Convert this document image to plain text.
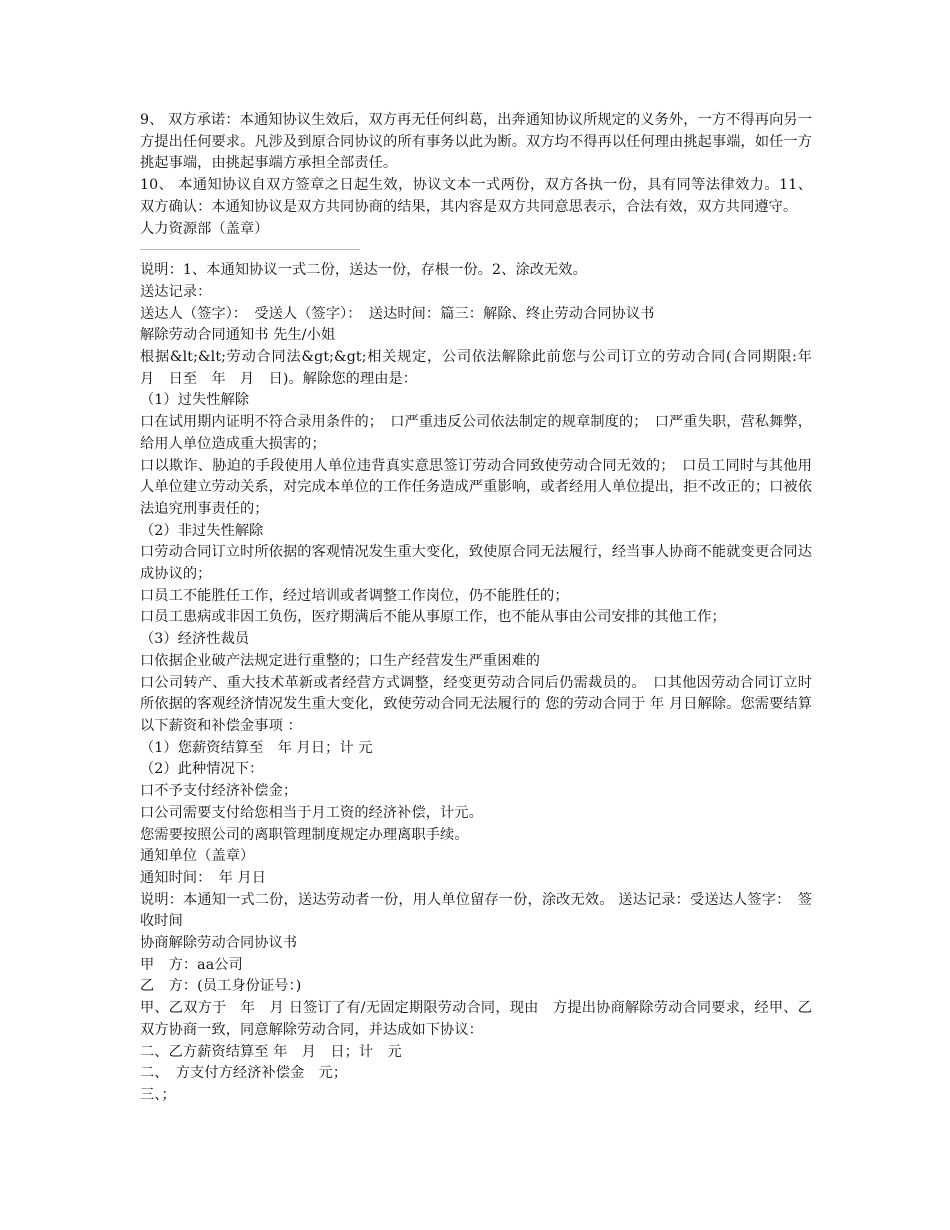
9、 双方承诺：本通知协议生效后，双方再无任何纠葛，出奔通知协议所规定的义务外，一方不得再向另一方提出任何要求。凡涉及到原合同协议的所有事务以此为断。双方均不得再以任何理由挑起事端，如任一方挑起事端，由挑起事端方承担全部责任。

10、 本通知协议自双方签章之日起生效，协议文本一式两份，双方各执一份，具有同等法律效力。11、 双方确认：本通知协议是双方共同协商的结果，其内容是双方共同意思表示，合法有效，双方共同遵守。

人力资源部（盖章）

说明：1、本通知协议一式二份，送达一份，存根一份。2、涂改无效。

送达记录：

送达人（签字）：　受送人（签字）：　送达时间：篇三：解除、终止劳动合同协议书

解除劳动合同通知书 先生/小姐

根据&lt;&lt;劳动合同法&gt;&gt;相关规定，公司依法解除此前您与公司订立的劳动合同(合同期限:年　月　日至　年　月　日)。解除您的理由是：

（1）过失性解除

口在试用期内证明不符合录用条件的；　口严重违反公司依法制定的规章制度的；　口严重失职，营私舞弊，给用人单位造成重大损害的；

口以欺诈、胁迫的手段使用人单位违背真实意思签订劳动合同致使劳动合同无效的；　口员工同时与其他用人单位建立劳动关系，对完成本单位的工作任务造成严重影响，或者经用人单位提出，拒不改正的；口被依法追究刑事责任的；

（2）非过失性解除

口劳动合同订立时所依据的客观情况发生重大变化，致使原合同无法履行，经当事人协商不能就变更合同达成协议的；

口员工不能胜任工作，经过培训或者调整工作岗位，仍不能胜任的；

口员工患病或非因工负伤，医疗期满后不能从事原工作，也不能从事由公司安排的其他工作；

（3）经济性裁员

口依据企业破产法规定进行重整的；口生产经营发生严重困难的

口公司转产、重大技术革新或者经营方式调整，经变更劳动合同后仍需裁员的。　口其他因劳动合同订立时所依据的客观经济情况发生重大变化，致使劳动合同无法履行的 您的劳动合同于 年 月日解除。您需要结算以下薪资和补偿金事项 ：

（1）您薪资结算至　年 月日；计 元

（2）此种情况下：

口不予支付经济补偿金；

口公司需要支付给您相当于月工资的经济补偿，计元。

您需要按照公司的离职管理制度规定办理离职手续。

通知单位（盖章）

通知时间：　年 月日

说明：本通知一式二份，送达劳动者一份，用人单位留存一份，涂改无效。 送达记录：受送达人签字：　签收时间

协商解除劳动合同协议书

甲　方：aa公司

乙　方：(员工身份证号：)

甲、乙双方于　年　月 日签订了有/无固定期限劳动合同，现由　方提出协商解除劳动合同要求，经甲、乙双方协商一致，同意解除劳动合同，并达成如下协议：

二、乙方薪资结算至 年　月　日；计　元

二、　方支付方经济补偿金　元；

三、；
